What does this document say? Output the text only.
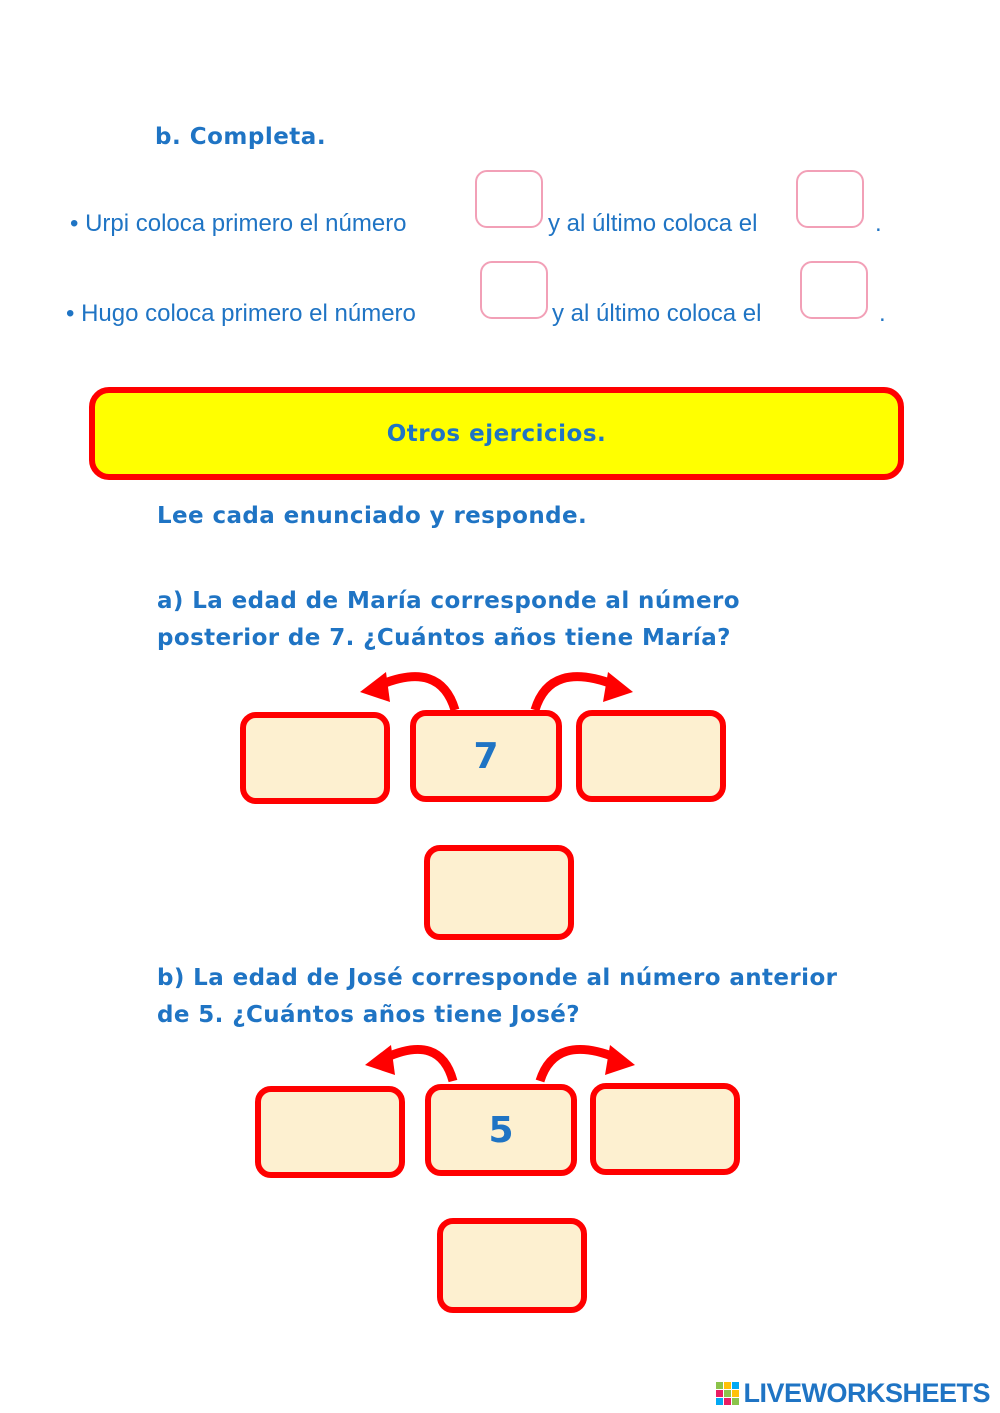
b. Completa.
• Urpi coloca primero el número	y al último coloca el	.
• Hugo coloca primero el número	y al último coloca el	.
Otros ejercicios.
Lee cada enunciado y responde.
a) La edad de María corresponde al número
posterior de 7. ¿Cuántos años tiene María?
7
b) La edad de José corresponde al número anterior
de 5. ¿Cuántos años tiene José?
5
LIVEWORKSHEETS
